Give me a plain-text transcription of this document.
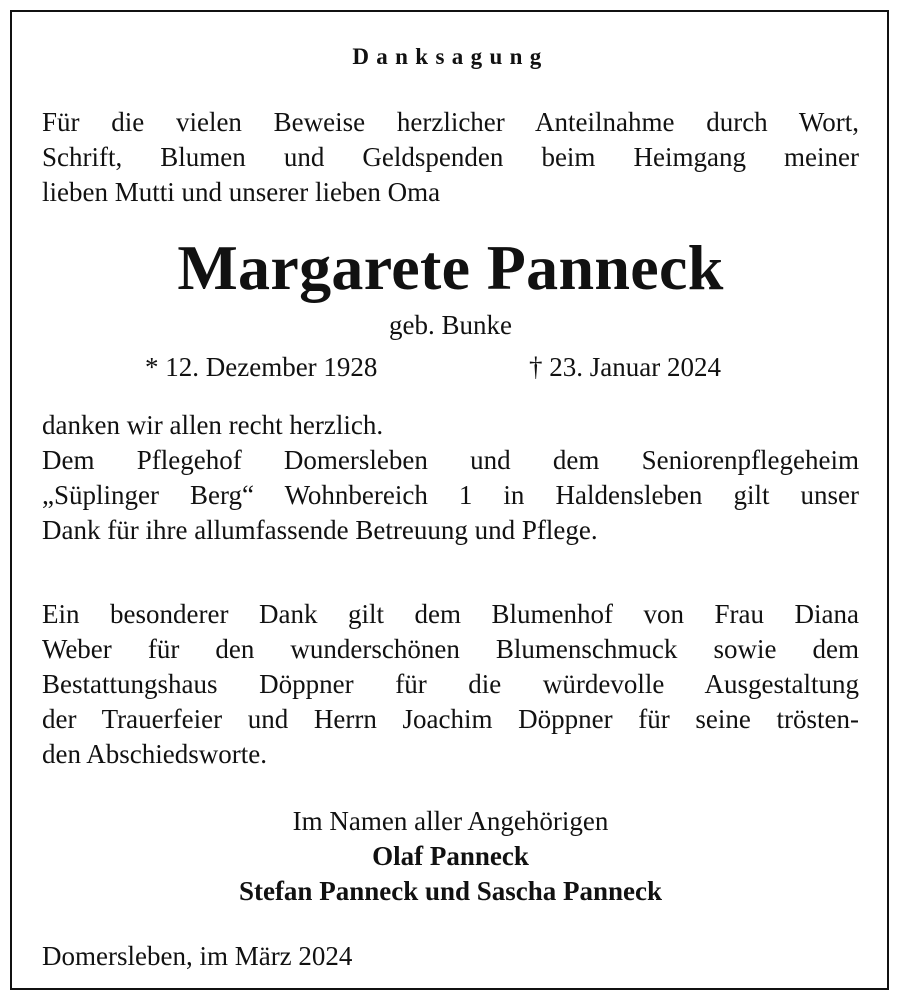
Danksagung
Für die vielen Beweise herzlicher Anteilnahme durch Wort,
Schrift, Blumen und Geldspenden beim Heimgang meiner
lieben Mutti und unserer lieben Oma
Margarete Panneck
geb. Bunke
* 12. Dezember 1928	† 23. Januar 2024
danken wir allen recht herzlich.
Dem Pflegehof Domersleben und dem Seniorenpflegeheim
„Süplinger Berg“ Wohnbereich 1 in Haldensleben gilt unser
Dank für ihre allumfassende Betreuung und Pflege.
Ein besonderer Dank gilt dem Blumenhof von Frau Diana
Weber für den wunderschönen Blumenschmuck sowie dem
Bestattungshaus Döppner für die würdevolle Ausgestaltung
der Trauerfeier und Herrn Joachim Döppner für seine trösten-
den Abschiedsworte.
Im Namen aller Angehörigen
Olaf Panneck
Stefan Panneck und Sascha Panneck
Domersleben, im März 2024
